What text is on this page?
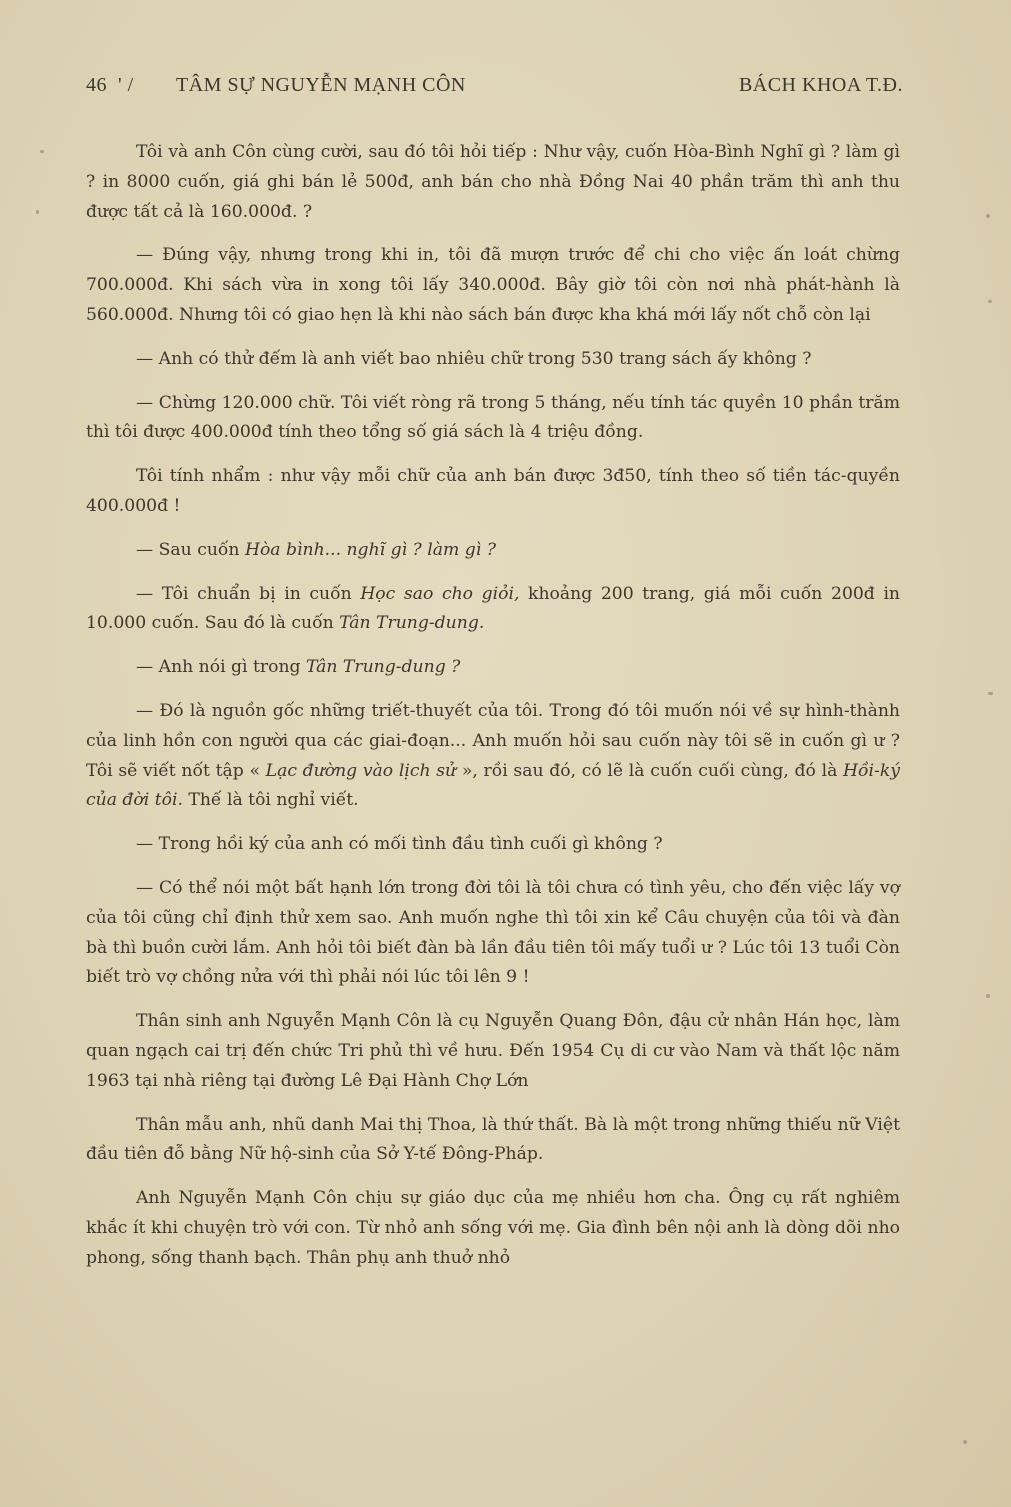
46 ' / TÂM SỰ NGUYỄN MẠNH CÔN	BÁCH KHOA T.Đ.

Tôi và anh Côn cùng cười, sau đó tôi hỏi tiếp : Như vậy, cuốn Hòa-Bình Nghĩ gì ? làm gì ? in 8000 cuốn, giá ghi bán lẻ 500đ, anh bán cho nhà Đồng Nai 40 phần trăm thì anh thu được tất cả là 160.000đ. ?

— Đúng vậy, nhưng trong khi in, tôi đã mượn trước để chi cho việc ấn loát chừng 700.000đ. Khi sách vừa in xong tôi lấy 340.000đ. Bây giờ tôi còn nơi nhà phát-hành là 560.000đ. Nhưng tôi có giao hẹn là khi nào sách bán được kha khá mới lấy nốt chỗ còn lại

— Anh có thử đếm là anh viết bao nhiêu chữ trong 530 trang sách ấy không ?

— Chừng 120.000 chữ. Tôi viết ròng rã trong 5 tháng, nếu tính tác quyền 10 phần trăm thì tôi được 400.000đ tính theo tổng số giá sách là 4 triệu đồng.

Tôi tính nhẩm : như vậy mỗi chữ của anh bán được 3đ50, tính theo số tiền tác-quyền 400.000đ !

— Sau cuốn Hòa bình... nghĩ gì ? làm gì ?

— Tôi chuẩn bị in cuốn Học sao cho giỏi, khoảng 200 trang, giá mỗi cuốn 200đ in 10.000 cuốn. Sau đó là cuốn Tân Trung-dung.

— Anh nói gì trong Tân Trung-dung ?

— Đó là nguồn gốc những triết-thuyết của tôi. Trong đó tôi muốn nói về sự hình-thành của linh hồn con người qua các giai-đoạn... Anh muốn hỏi sau cuốn này tôi sẽ in cuốn gì ư ? Tôi sẽ viết nốt tập « Lạc đường vào lịch sử », rồi sau đó, có lẽ là cuốn cuối cùng, đó là Hồi-ký của đời tôi. Thế là tôi nghỉ viết.

— Trong hồi ký của anh có mối tình đầu tình cuối gì không ?

— Có thể nói một bất hạnh lớn trong đời tôi là tôi chưa có tình yêu, cho đến việc lấy vợ của tôi cũng chỉ định thử xem sao. Anh muốn nghe thì tôi xin kể Câu chuyện của tôi và đàn bà thì buồn cười lắm. Anh hỏi tôi biết đàn bà lần đầu tiên tôi mấy tuổi ư ? Lúc tôi 13 tuổi Còn biết trò vợ chồng nửa với thì phải nói lúc tôi lên 9 !

Thân sinh anh Nguyễn Mạnh Côn là cụ Nguyễn Quang Đôn, đậu cử nhân Hán học, làm quan ngạch cai trị đến chức Tri phủ thì về hưu. Đến 1954 Cụ di cư vào Nam và thất lộc năm 1963 tại nhà riêng tại đường Lê Đại Hành Chợ Lớn

Thân mẫu anh, nhũ danh Mai thị Thoa, là thứ thất. Bà là một trong những thiếu nữ Việt đầu tiên đỗ bằng Nữ hộ-sinh của Sở Y-tế Đông-Pháp.

Anh Nguyễn Mạnh Côn chịu sự giáo dục của mẹ nhiều hơn cha. Ông cụ rất nghiêm khắc ít khi chuyện trò với con. Từ nhỏ anh sống với mẹ. Gia đình bên nội anh là dòng dõi nho phong, sống thanh bạch. Thân phụ anh thuở nhỏ
